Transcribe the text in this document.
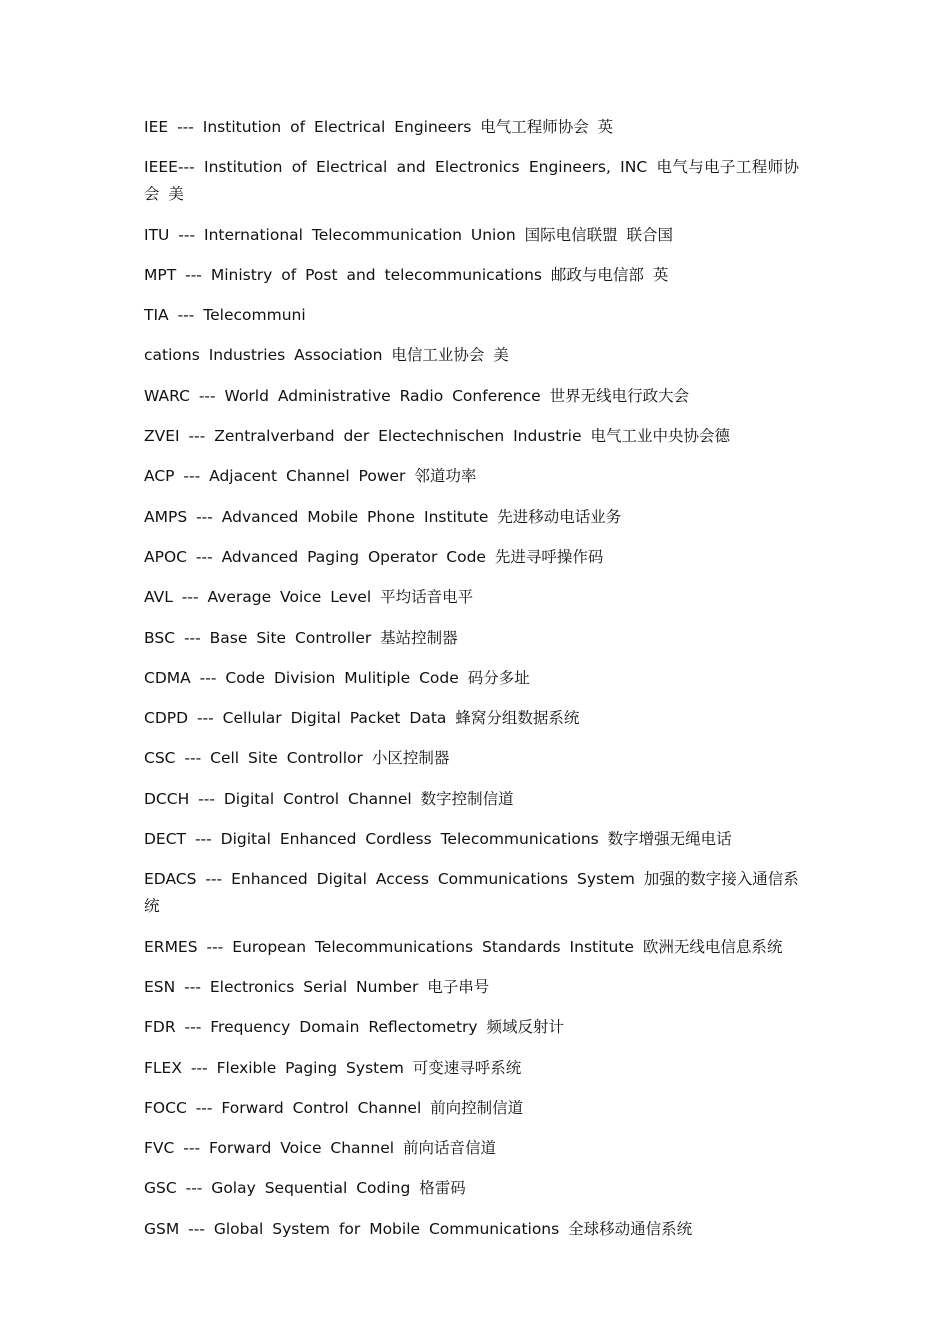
IEE --- Institution of Electrical Engineers 电气工程师协会 英
IEEE--- Institution of Electrical and Electronics Engineers, INC 电气与电子工程师协会 美
ITU --- International Telecommunication Union 国际电信联盟 联合国
MPT --- Ministry of Post and telecommunications 邮政与电信部 英
TIA --- Telecommuni
cations Industries Association 电信工业协会 美
WARC --- World Administrative Radio Conference 世界无线电行政大会
ZVEI --- Zentralverband der Electechnischen Industrie 电气工业中央协会德
ACP --- Adjacent Channel Power 邻道功率
AMPS --- Advanced Mobile Phone Institute 先进移动电话业务
APOC --- Advanced Paging Operator Code 先进寻呼操作码
AVL --- Average Voice Level 平均话音电平
BSC --- Base Site Controller 基站控制器
CDMA --- Code Division Mulitiple Code 码分多址
CDPD --- Cellular Digital Packet Data 蜂窝分组数据系统
CSC --- Cell Site Controllor 小区控制器
DCCH --- Digital Control Channel 数字控制信道
DECT --- Digital Enhanced Cordless Telecommunications 数字增强无绳电话
EDACS --- Enhanced Digital Access Communications System 加强的数字接入通信系统
ERMES --- European Telecommunications Standards Institute 欧洲无线电信息系统
ESN --- Electronics Serial Number 电子串号
FDR --- Frequency Domain Reflectometry 频域反射计
FLEX --- Flexible Paging System 可变速寻呼系统
FOCC --- Forward Control Channel 前向控制信道
FVC --- Forward Voice Channel 前向话音信道
GSC --- Golay Sequential Coding 格雷码
GSM --- Global System for Mobile Communications 全球移动通信系统
